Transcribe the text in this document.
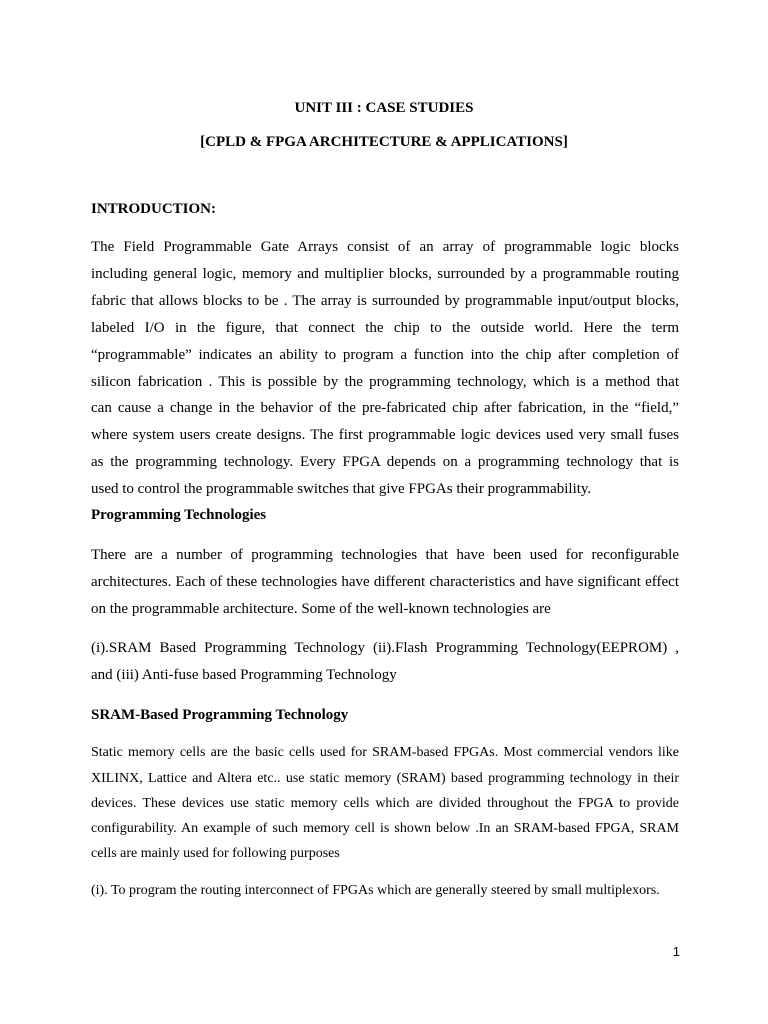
UNIT III : CASE STUDIES
[CPLD & FPGA ARCHITECTURE & APPLICATIONS]
INTRODUCTION:
The Field Programmable Gate Arrays consist of an array of programmable logic blocks
including general logic, memory and multiplier blocks, surrounded by a programmable routing
fabric that allows blocks to be . The array is surrounded by programmable input/output blocks,
labeled I/O in the figure, that connect the chip to the outside world. Here the term
“programmable” indicates an ability to program a function into the chip after completion of
silicon fabrication . This is possible by the programming technology, which is a method that
can cause a change in the behavior of the pre-fabricated chip after fabrication, in the “field,”
where system users create designs. The first programmable logic devices used very small fuses
as the programming technology. Every FPGA depends on a programming technology that is
used to control the programmable switches that give FPGAs their programmability.
Programming Technologies
There are a number of programming technologies that have been used for reconfigurable
architectures. Each of these technologies have different characteristics and have significant effect
on the programmable architecture. Some of the well-known technologies are
(i).SRAM Based Programming Technology (ii).Flash Programming Technology(EEPROM) ,
and (iii) Anti-fuse based Programming Technology
SRAM-Based Programming Technology
Static memory cells are the basic cells used for SRAM-based FPGAs. Most commercial vendors like
XILINX, Lattice and Altera etc.. use static memory (SRAM) based programming technology in their
devices. These devices use static memory cells which are divided throughout the FPGA to provide
configurability. An example of such memory cell is shown below .In an SRAM-based FPGA, SRAM
cells are mainly used for following purposes
(i). To program the routing interconnect of FPGAs which are generally steered by small multiplexors.
1
